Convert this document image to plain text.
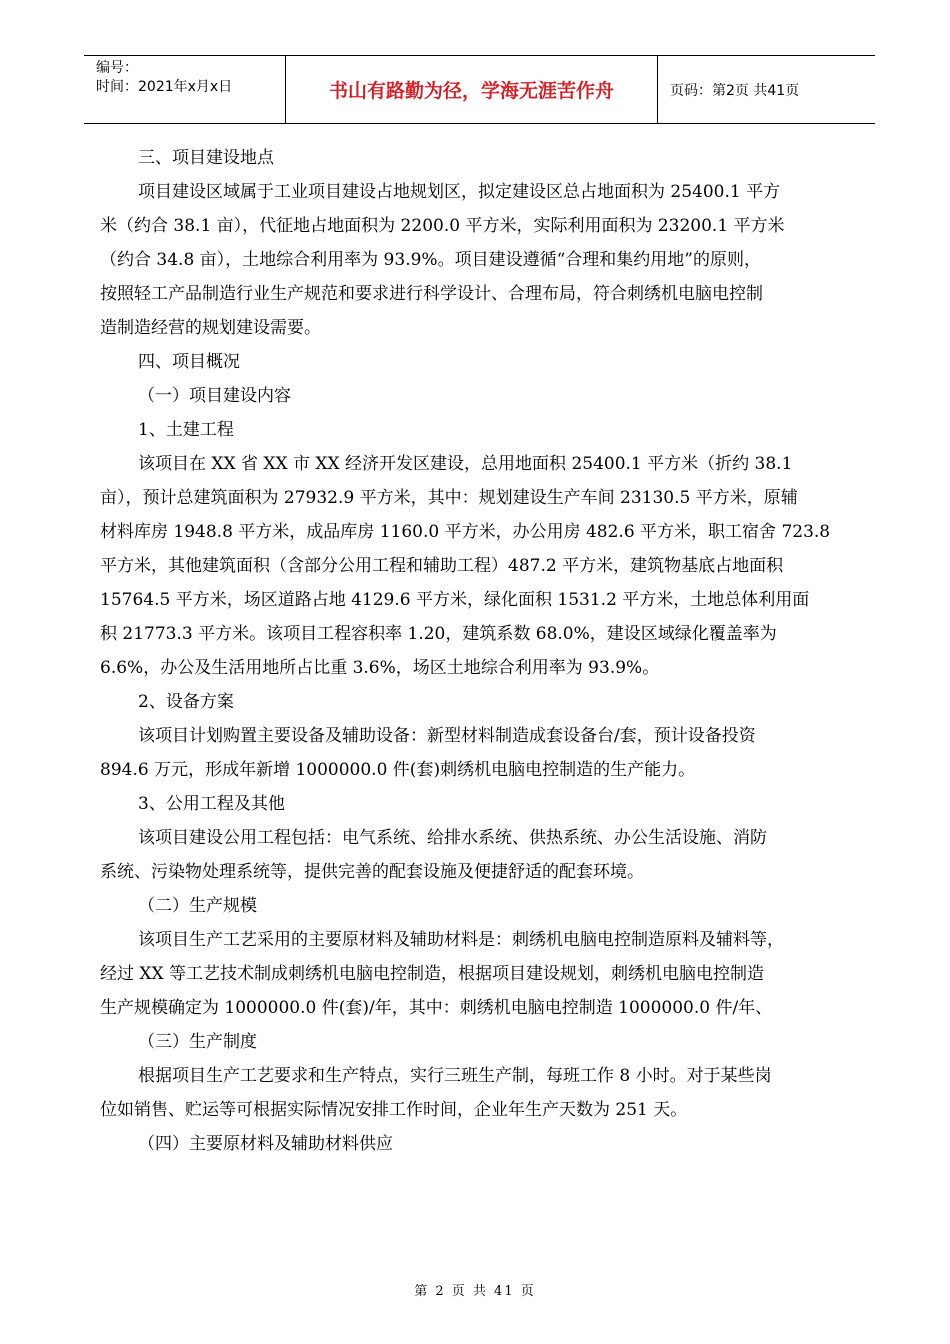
编号：
时间：2021年x月x日	书山有路勤为径，学海无涯苦作舟	页码：第2页 共41页
三、项目建设地点
项目建设区域属于工业项目建设占地规划区，拟定建设区总占地面积为 25400.1 平方
米（约合 38.1 亩），代征地占地面积为 2200.0 平方米，实际利用面积为 23200.1 平方米
（约合 34.8 亩），土地综合利用率为 93.9%。项目建设遵循“合理和集约用地”的原则，
按照轻工产品制造行业生产规范和要求进行科学设计、合理布局，符合刺绣机电脑电控制
造制造经营的规划建设需要。
四、项目概况
（一）项目建设内容
1、土建工程
该项目在 XX 省 XX 市 XX 经济开发区建设，总用地面积 25400.1 平方米（折约 38.1
亩），预计总建筑面积为 27932.9 平方米，其中：规划建设生产车间 23130.5 平方米，原辅
材料库房 1948.8 平方米，成品库房 1160.0 平方米，办公用房 482.6 平方米，职工宿舍 723.8
平方米，其他建筑面积（含部分公用工程和辅助工程）487.2 平方米，建筑物基底占地面积
15764.5 平方米，场区道路占地 4129.6 平方米，绿化面积 1531.2 平方米，土地总体利用面
积 21773.3 平方米。该项目工程容积率 1.20，建筑系数 68.0%，建设区域绿化覆盖率为
6.6%，办公及生活用地所占比重 3.6%，场区土地综合利用率为 93.9%。
2、设备方案
该项目计划购置主要设备及辅助设备：新型材料制造成套设备台/套，预计设备投资
894.6 万元，形成年新增 1000000.0 件(套)刺绣机电脑电控制造的生产能力。
3、公用工程及其他
该项目建设公用工程包括：电气系统、给排水系统、供热系统、办公生活设施、消防
系统、污染物处理系统等，提供完善的配套设施及便捷舒适的配套环境。
（二）生产规模
该项目生产工艺采用的主要原材料及辅助材料是：刺绣机电脑电控制造原料及辅料等，
经过 XX 等工艺技术制成刺绣机电脑电控制造，根据项目建设规划，刺绣机电脑电控制造
生产规模确定为 1000000.0 件(套)/年，其中：刺绣机电脑电控制造 1000000.0 件/年、
（三）生产制度
根据项目生产工艺要求和生产特点，实行三班生产制，每班工作 8 小时。对于某些岗
位如销售、贮运等可根据实际情况安排工作时间，企业年生产天数为 251 天。
（四）主要原材料及辅助材料供应
第 2 页 共 41 页
